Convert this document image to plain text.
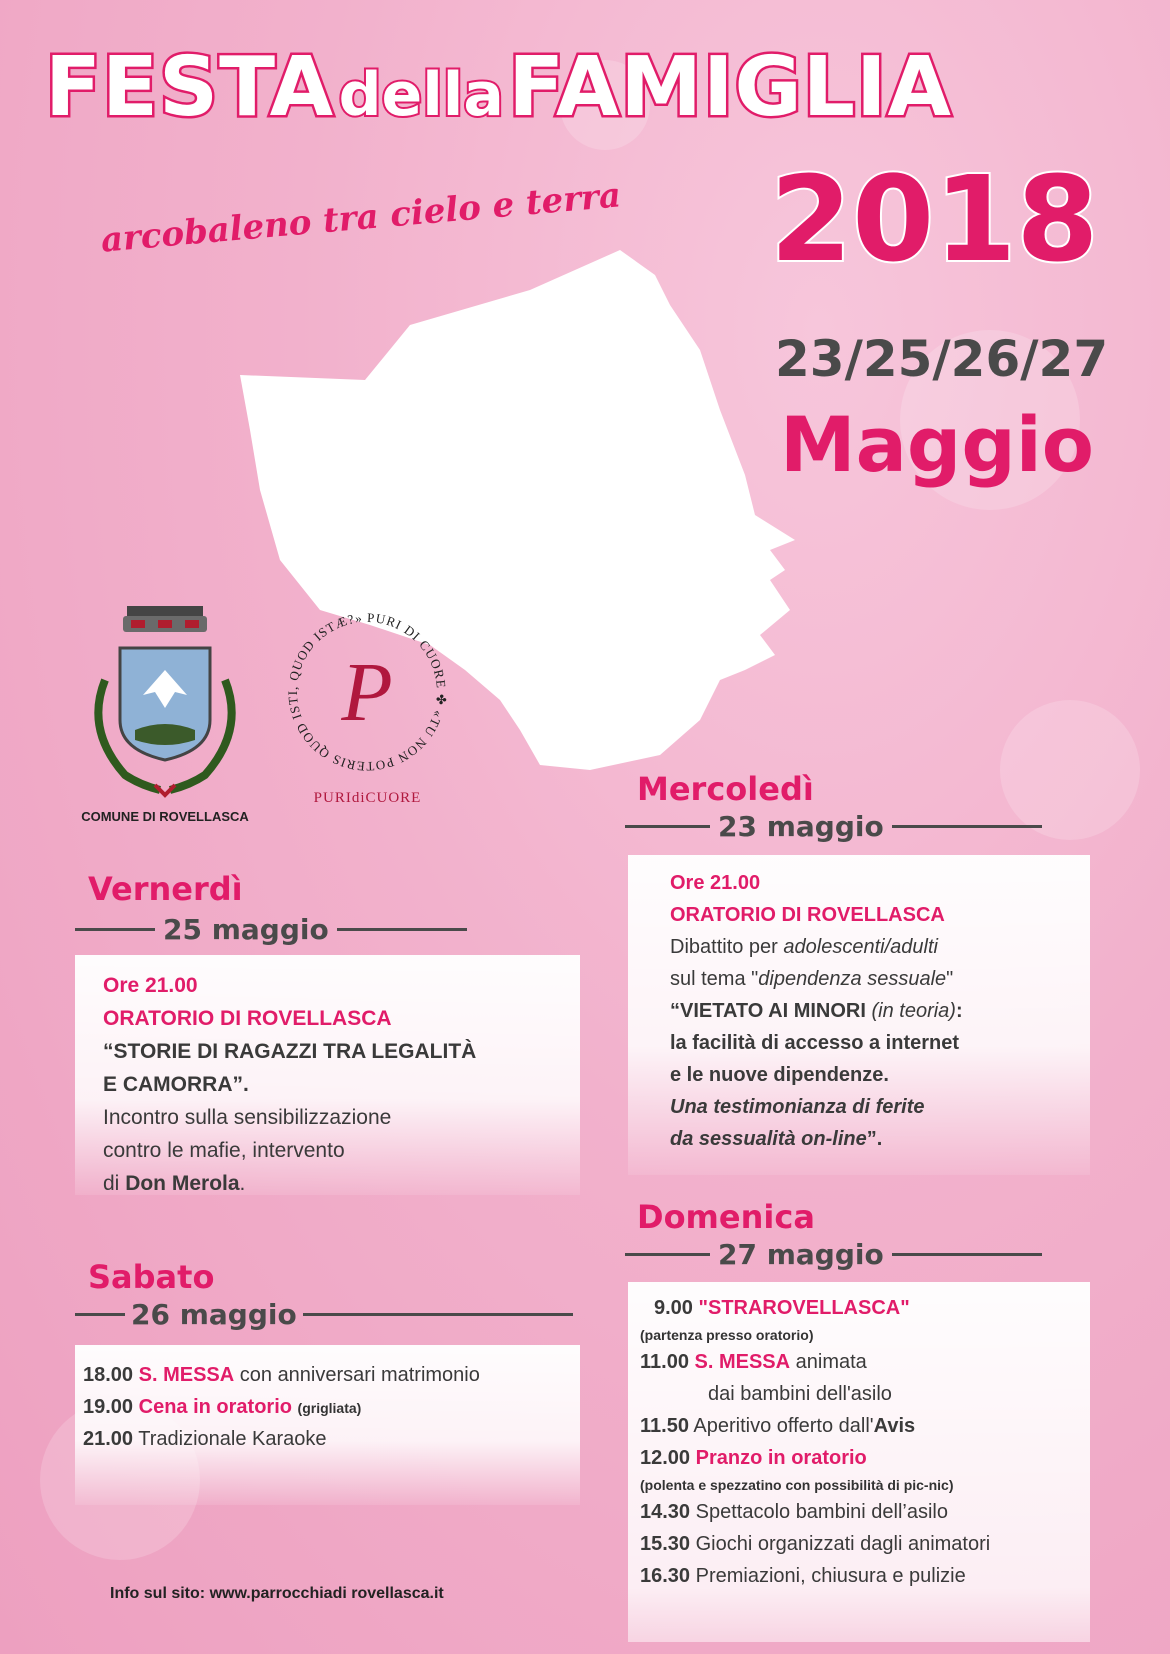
FESTA della FAMIGLIA
2018
arcobaleno tra cielo e terra
23/25/26/27
Maggio
COMUNE DI ROVELLASCA
PURI DI CUORE ✤ «TU NON POTERIS QUOD ISTI, QUOD ISTÆ?»
P
PURIdiCUORE
Vernerdì
25 maggio
Ore 21.00
ORATORIO DI ROVELLASCA
“STORIE DI RAGAZZI TRA LEGALITÀ
E CAMORRA”.
Incontro sulla sensibilizzazione
contro le mafie, intervento
di Don Merola.
Sabato
26 maggio
18.00 S. MESSA con anniversari matrimonio
19.00 Cena in oratorio (grigliata)
21.00 Tradizionale Karaoke
Mercoledì
23 maggio
Ore 21.00
ORATORIO DI ROVELLASCA
Dibattito per adolescenti/adulti
sul tema "dipendenza sessuale"
“VIETATO AI MINORI (in teoria):
la facilità di accesso a internet
e le nuove dipendenze.
Una testimonianza di ferite
da sessualità on-line”.
Domenica
27 maggio
9.00 "STRAROVELLASCA"
(partenza presso oratorio)
11.00 S. MESSA animata
dai bambini dell'asilo
11.50 Aperitivo offerto dall'Avis
12.00 Pranzo in oratorio
(polenta e spezzatino con possibilità di pic-nic)
14.30 Spettacolo bambini dell’asilo
15.30 Giochi organizzati dagli animatori
16.30 Premiazioni, chiusura e pulizie
Info sul sito: www.parrocchiadi rovellasca.it
